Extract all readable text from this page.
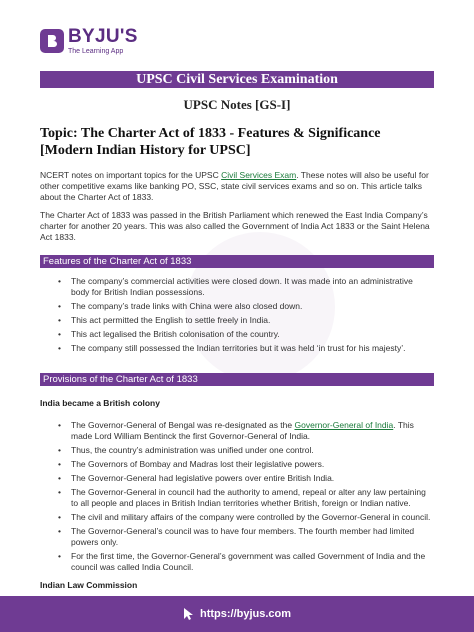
BYJU'S
The Learning App
UPSC Civil Services Examination
UPSC Notes [GS-I]
Topic: The Charter Act of 1833 - Features & Significance [Modern Indian History for UPSC]
NCERT notes on important topics for the UPSC Civil Services Exam. These notes will also be useful for other competitive exams like banking PO, SSC, state civil services exams and so on. This article talks about the Charter Act of 1833.
The Charter Act of 1833 was passed in the British Parliament which renewed the East India Company’s charter for another 20 years. This was also called the Government of India Act 1833 or the Saint Helena Act 1833.
Features of the Charter Act of 1833
• The company’s commercial activities were closed down. It was made into an administrative body for British Indian possessions.
• The company’s trade links with China were also closed down.
• This act permitted the English to settle freely in India.
• This act legalised the British colonisation of the country.
• The company still possessed the Indian territories but it was held ‘in trust for his majesty’.
Provisions of the Charter Act of 1833
India became a British colony
• The Governor-General of Bengal was re-designated as the Governor-General of India. This made Lord William Bentinck the first Governor-General of India.
• Thus, the country’s administration was unified under one control.
• The Governors of Bombay and Madras lost their legislative powers.
• The Governor-General had legislative powers over entire British India.
• The Governor-General in council had the authority to amend, repeal or alter any law pertaining to all people and places in British Indian territories whether British, foreign or Indian native.
• The civil and military affairs of the company were controlled by the Governor-General in council.
• The Governor-General’s council was to have four members. The fourth member had limited powers only.
• For the first time, the Governor-General’s government was called Government of India and the council was called India Council.
Indian Law Commission
https://byjus.com
